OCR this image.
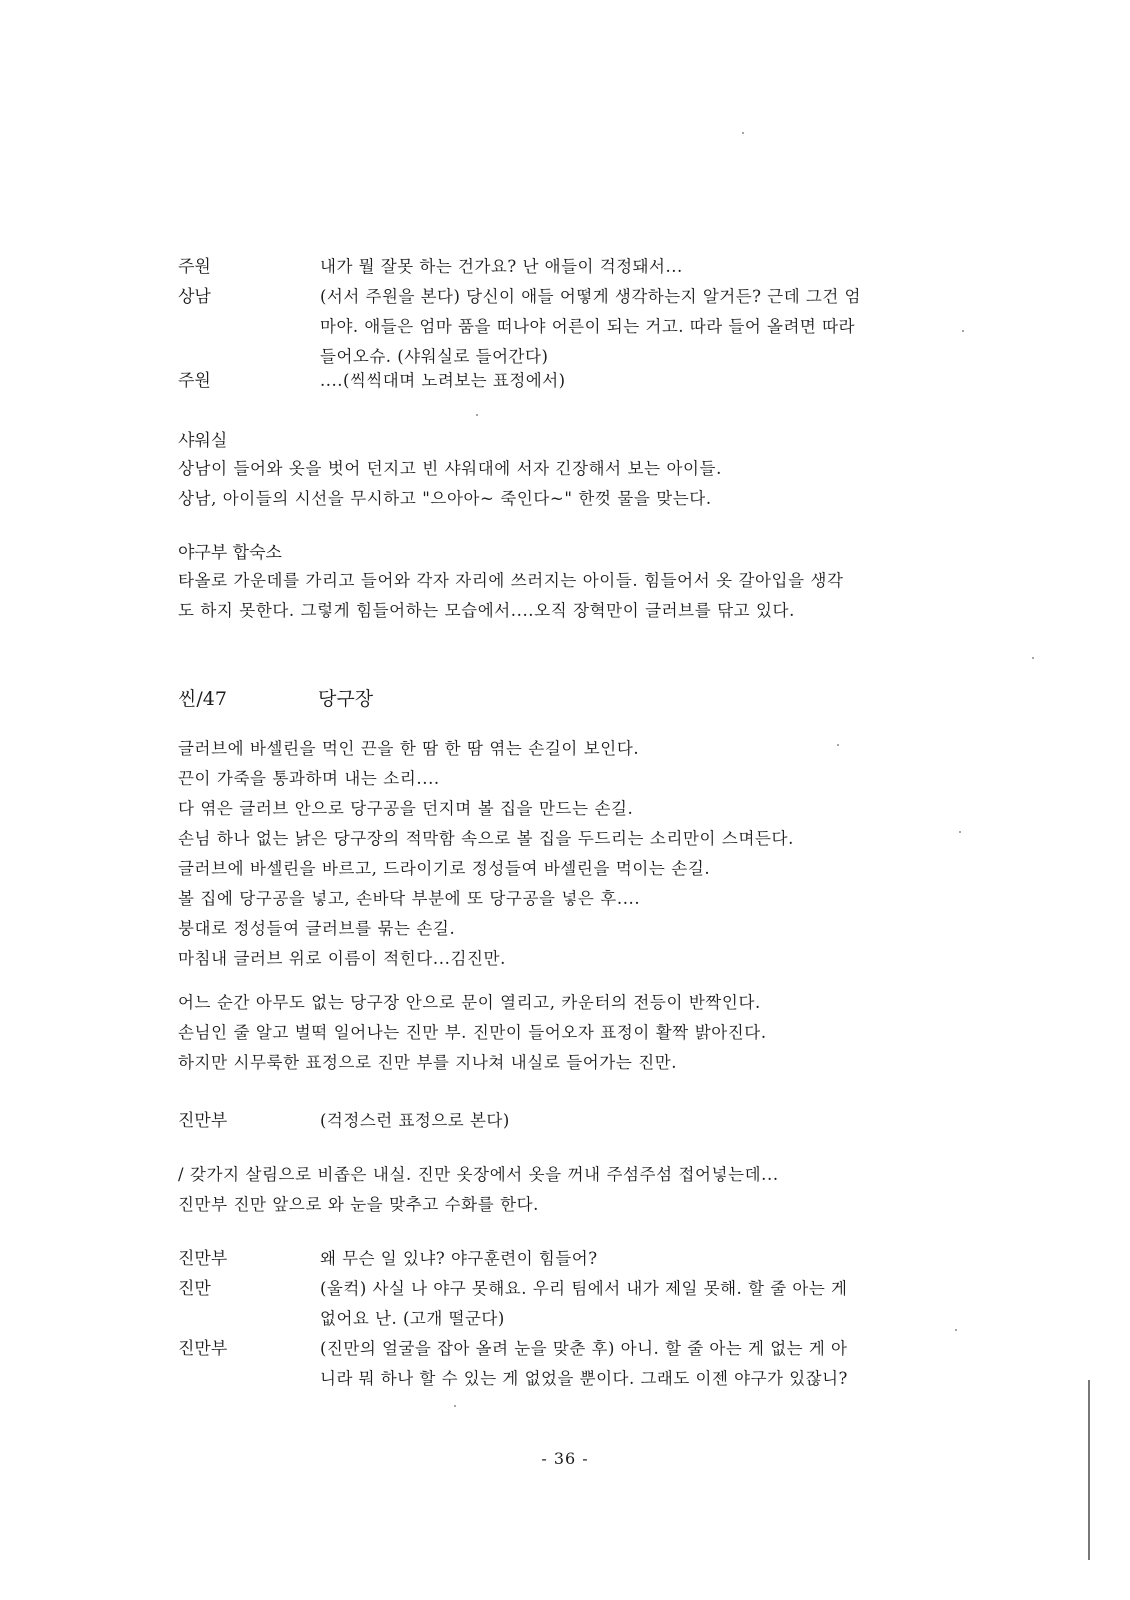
주원	내가 뭘 잘못 하는 건가요? 난 애들이 걱정돼서...
상남	(서서 주원을 본다) 당신이 애들 어떻게 생각하는지 알거든? 근데 그건 엄
마야. 애들은 엄마 품을 떠나야 어른이 되는 거고. 따라 들어 올려면 따라
들어오슈. (샤워실로 들어간다)
주원	....(씩씩대며 노려보는 표정에서)
샤워실
상남이 들어와 옷을 벗어 던지고 빈 샤워대에 서자 긴장해서 보는 아이들.
상남, 아이들의 시선을 무시하고 "으아아~ 죽인다~" 한껏 물을 맞는다.
야구부 합숙소
타올로 가운데를 가리고 들어와 각자 자리에 쓰러지는 아이들. 힘들어서 옷 갈아입을 생각
도 하지 못한다. 그렇게 힘들어하는 모습에서....오직 장혁만이 글러브를 닦고 있다.
씬/47	당구장
글러브에 바셀린을 먹인 끈을 한 땀 한 땀 엮는 손길이 보인다.
끈이 가죽을 통과하며 내는 소리....
다 엮은 글러브 안으로 당구공을 던지며 볼 집을 만드는 손길.
손님 하나 없는 낡은 당구장의 적막함 속으로 볼 집을 두드리는 소리만이 스며든다.
글러브에 바셀린을 바르고, 드라이기로 정성들여 바셀린을 먹이는 손길.
볼 집에 당구공을 넣고, 손바닥 부분에 또 당구공을 넣은 후....
붕대로 정성들여 글러브를 묶는 손길.
마침내 글러브 위로 이름이 적힌다...김진만.
어느 순간 아무도 없는 당구장 안으로 문이 열리고, 카운터의 전등이 반짝인다.
손님인 줄 알고 벌떡 일어나는 진만 부. 진만이 들어오자 표정이 활짝 밝아진다.
하지만 시무룩한 표정으로 진만 부를 지나쳐 내실로 들어가는 진만.
진만부	(걱정스런 표정으로 본다)
/ 갖가지 살림으로 비좁은 내실. 진만 옷장에서 옷을 꺼내 주섬주섬 접어넣는데...
진만부 진만 앞으로 와 눈을 맞추고 수화를 한다.
진만부	왜 무슨 일 있냐? 야구훈련이 힘들어?
진만	(울컥) 사실 나 야구 못해요. 우리 팀에서 내가 제일 못해. 할 줄 아는 게
없어요 난. (고개 떨군다)
진만부	(진만의 얼굴을 잡아 올려 눈을 맞춘 후) 아니. 할 줄 아는 게 없는 게 아
니라 뭐 하나 할 수 있는 게 없었을 뿐이다. 그래도 이젠 야구가 있잖니?
- 36 -
